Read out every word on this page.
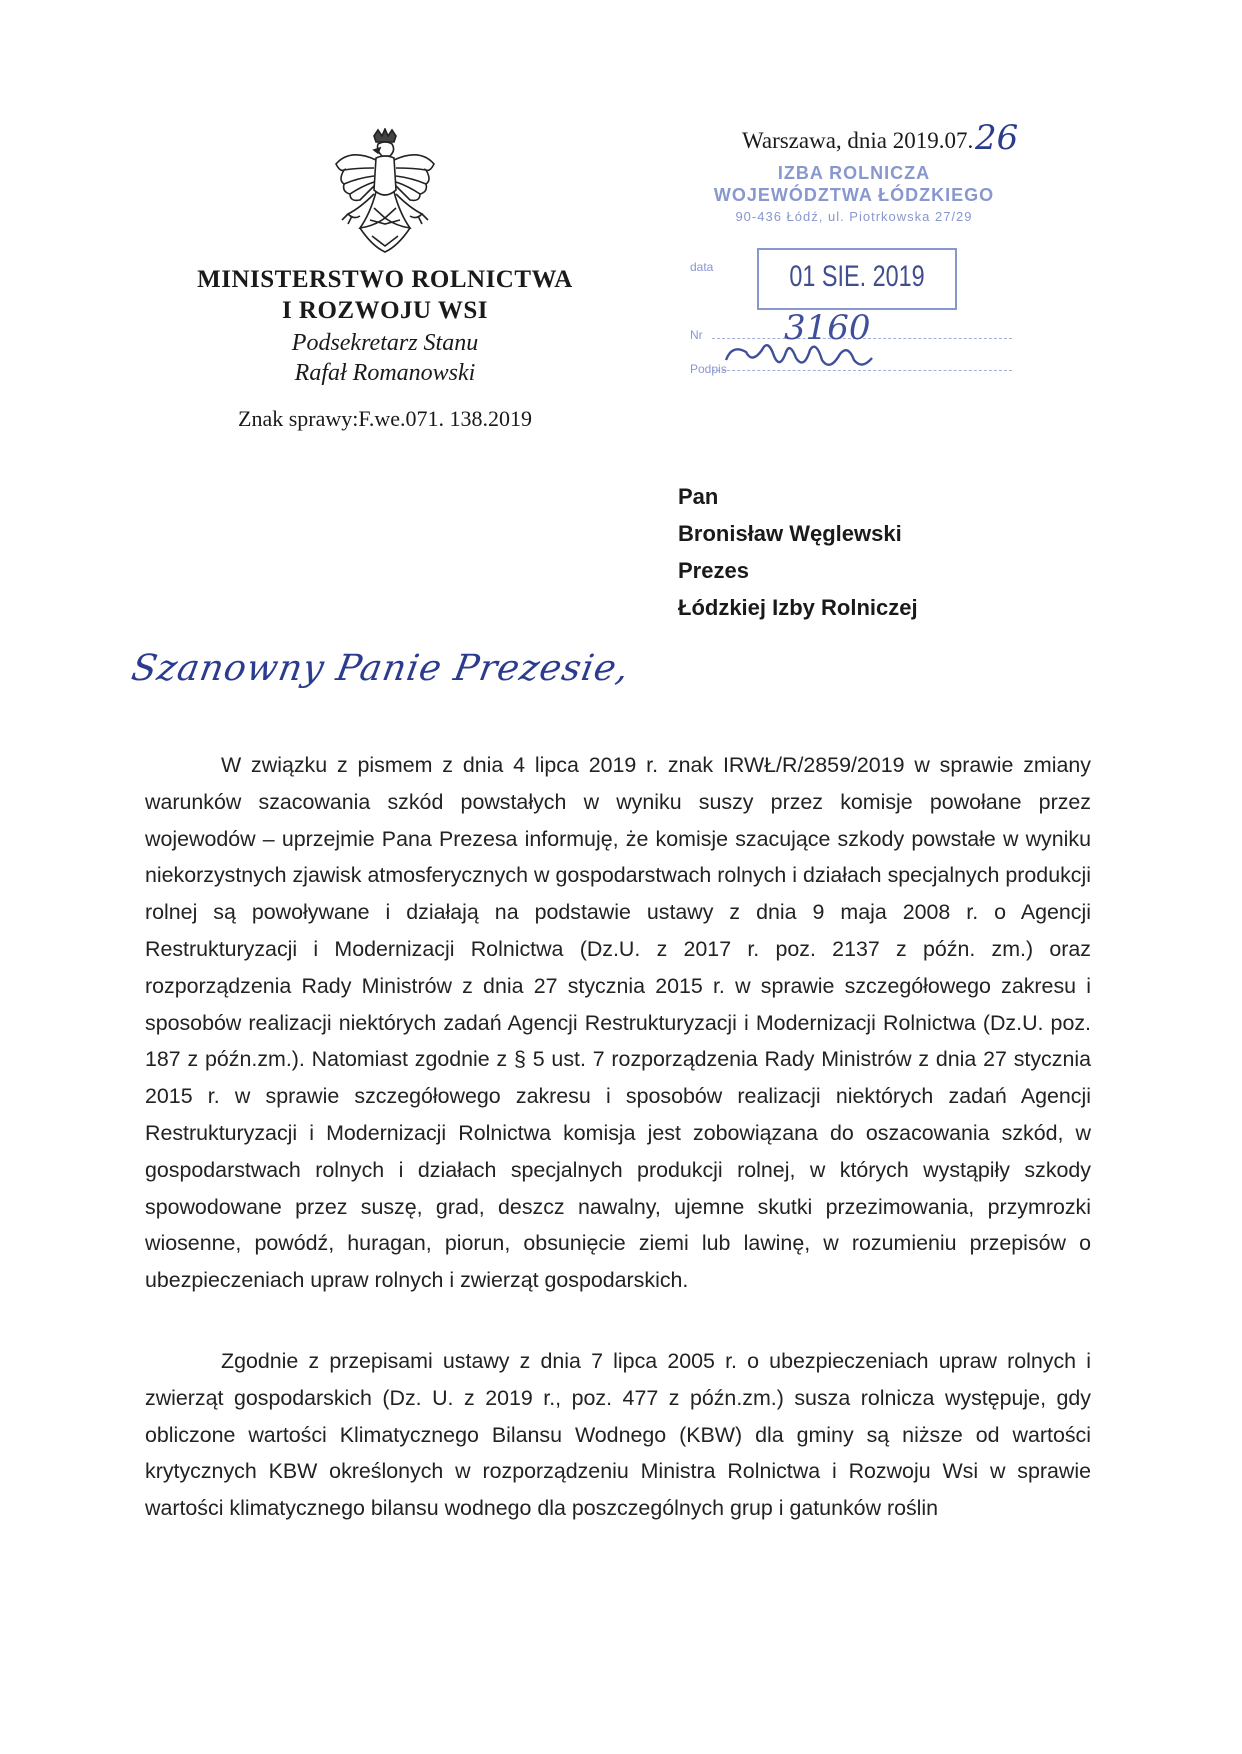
MINISTERSTWO ROLNICTWA
I ROZWOJU WSI
Podsekretarz Stanu
Rafał Romanowski
Znak sprawy:F.we.071. 138.2019
Warszawa, dnia 2019.07. 26
IZBA ROLNICZA
WOJEWÓDZTWA ŁÓDZKIEGO
90-436 Łódź, ul. Piotrkowska 27/29
data	01 SIE. 2019
Nr 3160
Podpis
Pan
Bronisław Węglewski
Prezes
Łódzkiej Izby Rolniczej
Szanowny Panie Prezesie,

W związku z pismem z dnia 4 lipca 2019 r. znak IRWŁ/R/2859/2019 w sprawie zmiany warunków szacowania szkód powstałych w wyniku suszy przez komisje powołane przez wojewodów – uprzejmie Pana Prezesa informuję, że komisje szacujące szkody powstałe w wyniku niekorzystnych zjawisk atmosferycznych w gospodarstwach rolnych i działach specjalnych produkcji rolnej są powoływane i działają na podstawie ustawy z dnia 9 maja 2008 r. o Agencji Restrukturyzacji i Modernizacji Rolnictwa (Dz.U. z 2017 r. poz. 2137 z późn. zm.) oraz rozporządzenia Rady Ministrów z dnia 27 stycznia 2015 r. w sprawie szczegółowego zakresu i sposobów realizacji niektórych zadań Agencji Restrukturyzacji i Modernizacji Rolnictwa (Dz.U. poz. 187 z późn.zm.). Natomiast zgodnie z § 5 ust. 7 rozporządzenia Rady Ministrów z dnia 27 stycznia 2015 r. w sprawie szczegółowego zakresu i sposobów realizacji niektórych zadań Agencji Restrukturyzacji i Modernizacji Rolnictwa komisja jest zobowiązana do oszacowania szkód, w gospodarstwach rolnych i działach specjalnych produkcji rolnej, w których wystąpiły szkody spowodowane przez suszę, grad, deszcz nawalny, ujemne skutki przezimowania, przymrozki wiosenne, powódź, huragan, piorun, obsunięcie ziemi lub lawinę, w rozumieniu przepisów o ubezpieczeniach upraw rolnych i zwierząt gospodarskich.

Zgodnie z przepisami ustawy z dnia 7 lipca 2005 r. o ubezpieczeniach upraw rolnych i zwierząt gospodarskich (Dz. U. z 2019 r., poz. 477 z późn.zm.) susza rolnicza występuje, gdy obliczone wartości Klimatycznego Bilansu Wodnego (KBW) dla gminy są niższe od wartości krytycznych KBW określonych w rozporządzeniu Ministra Rolnictwa i Rozwoju Wsi w sprawie wartości klimatycznego bilansu wodnego dla poszczególnych grup i gatunków roślin
